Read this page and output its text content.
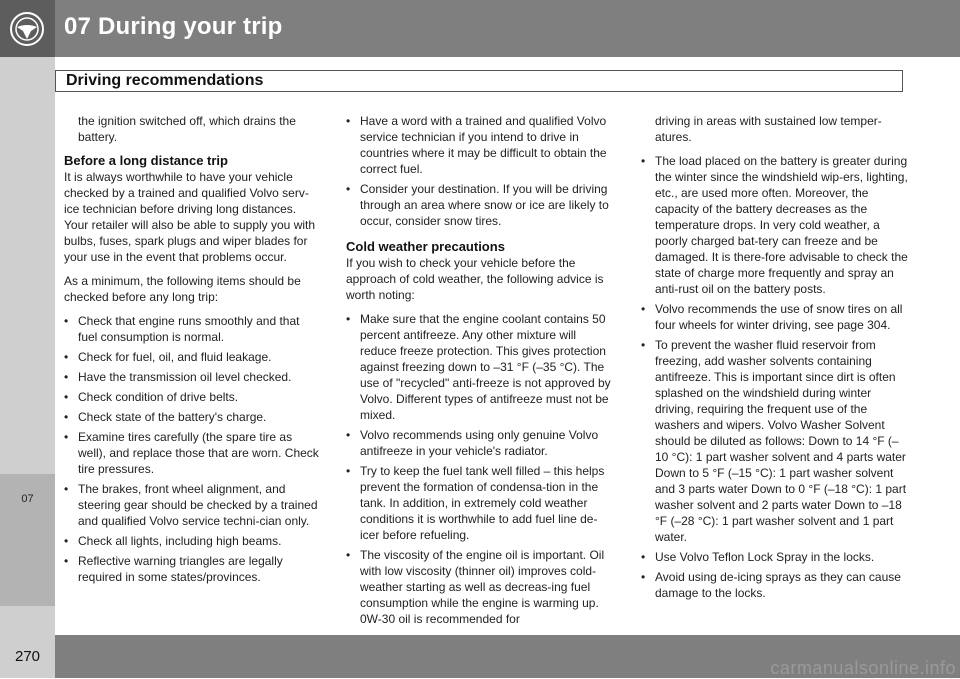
07 During your trip
Driving recommendations
07
270
carmanualsonline.info

the ignition switched off, which drains the battery.

Before a long distance trip

It is always worthwhile to have your vehicle checked by a trained and qualified Volvo serv-ice technician before driving long distances. Your retailer will also be able to supply you with bulbs, fuses, spark plugs and wiper blades for your use in the event that problems occur.

As a minimum, the following items should be checked before any long trip:

• Check that engine runs smoothly and that fuel consumption is normal.
• Check for fuel, oil, and fluid leakage.
• Have the transmission oil level checked.
• Check condition of drive belts.
• Check state of the battery's charge.
• Examine tires carefully (the spare tire as well), and replace those that are worn. Check tire pressures.
• The brakes, front wheel alignment, and steering gear should be checked by a trained and qualified Volvo service techni-cian only.
• Check all lights, including high beams.
• Reflective warning triangles are legally required in some states/provinces.
• Have a word with a trained and qualified Volvo service technician if you intend to drive in countries where it may be difficult to obtain the correct fuel.
• Consider your destination. If you will be driving through an area where snow or ice are likely to occur, consider snow tires.
Cold weather precautions

If you wish to check your vehicle before the approach of cold weather, the following advice is worth noting:

• Make sure that the engine coolant contains 50 percent antifreeze. Any other mixture will reduce freeze protection. This gives protection against freezing down to –31 °F (–35 °C). The use of "recycled" anti-freeze is not approved by Volvo. Different types of antifreeze must not be mixed.
• Volvo recommends using only genuine Volvo antifreeze in your vehicle's radiator.
• Try to keep the fuel tank well filled – this helps prevent the formation of condensa-tion in the tank. In addition, in extremely cold weather conditions it is worthwhile to add fuel line de-icer before refueling.
• The viscosity of the engine oil is important. Oil with low viscosity (thinner oil) improves cold-weather starting as well as decreas-ing fuel consumption while the engine is warming up. 0W-30 oil is recommended for

driving in areas with sustained low temper-atures.

• The load placed on the battery is greater during the winter since the windshield wip-ers, lighting, etc., are used more often. Moreover, the capacity of the battery decreases as the temperature drops. In very cold weather, a poorly charged bat-tery can freeze and be damaged. It is there-fore advisable to check the state of charge more frequently and spray an anti-rust oil on the battery posts.
• Volvo recommends the use of snow tires on all four wheels for winter driving, see page 304.
• To prevent the washer fluid reservoir from freezing, add washer solvents containing antifreeze. This is important since dirt is often splashed on the windshield during winter driving, requiring the frequent use of the washers and wipers. Volvo Washer Solvent should be diluted as follows: Down to 14 °F (–10 °C): 1 part washer solvent and 4 parts water Down to 5 °F (–15 °C): 1 part washer solvent and 3 parts water Down to 0 °F (–18 °C): 1 part washer solvent and 2 parts water Down to –18 °F (–28 °C): 1 part washer solvent and 1 part water.
• Use Volvo Teflon Lock Spray in the locks.
• Avoid using de-icing sprays as they can cause damage to the locks.
